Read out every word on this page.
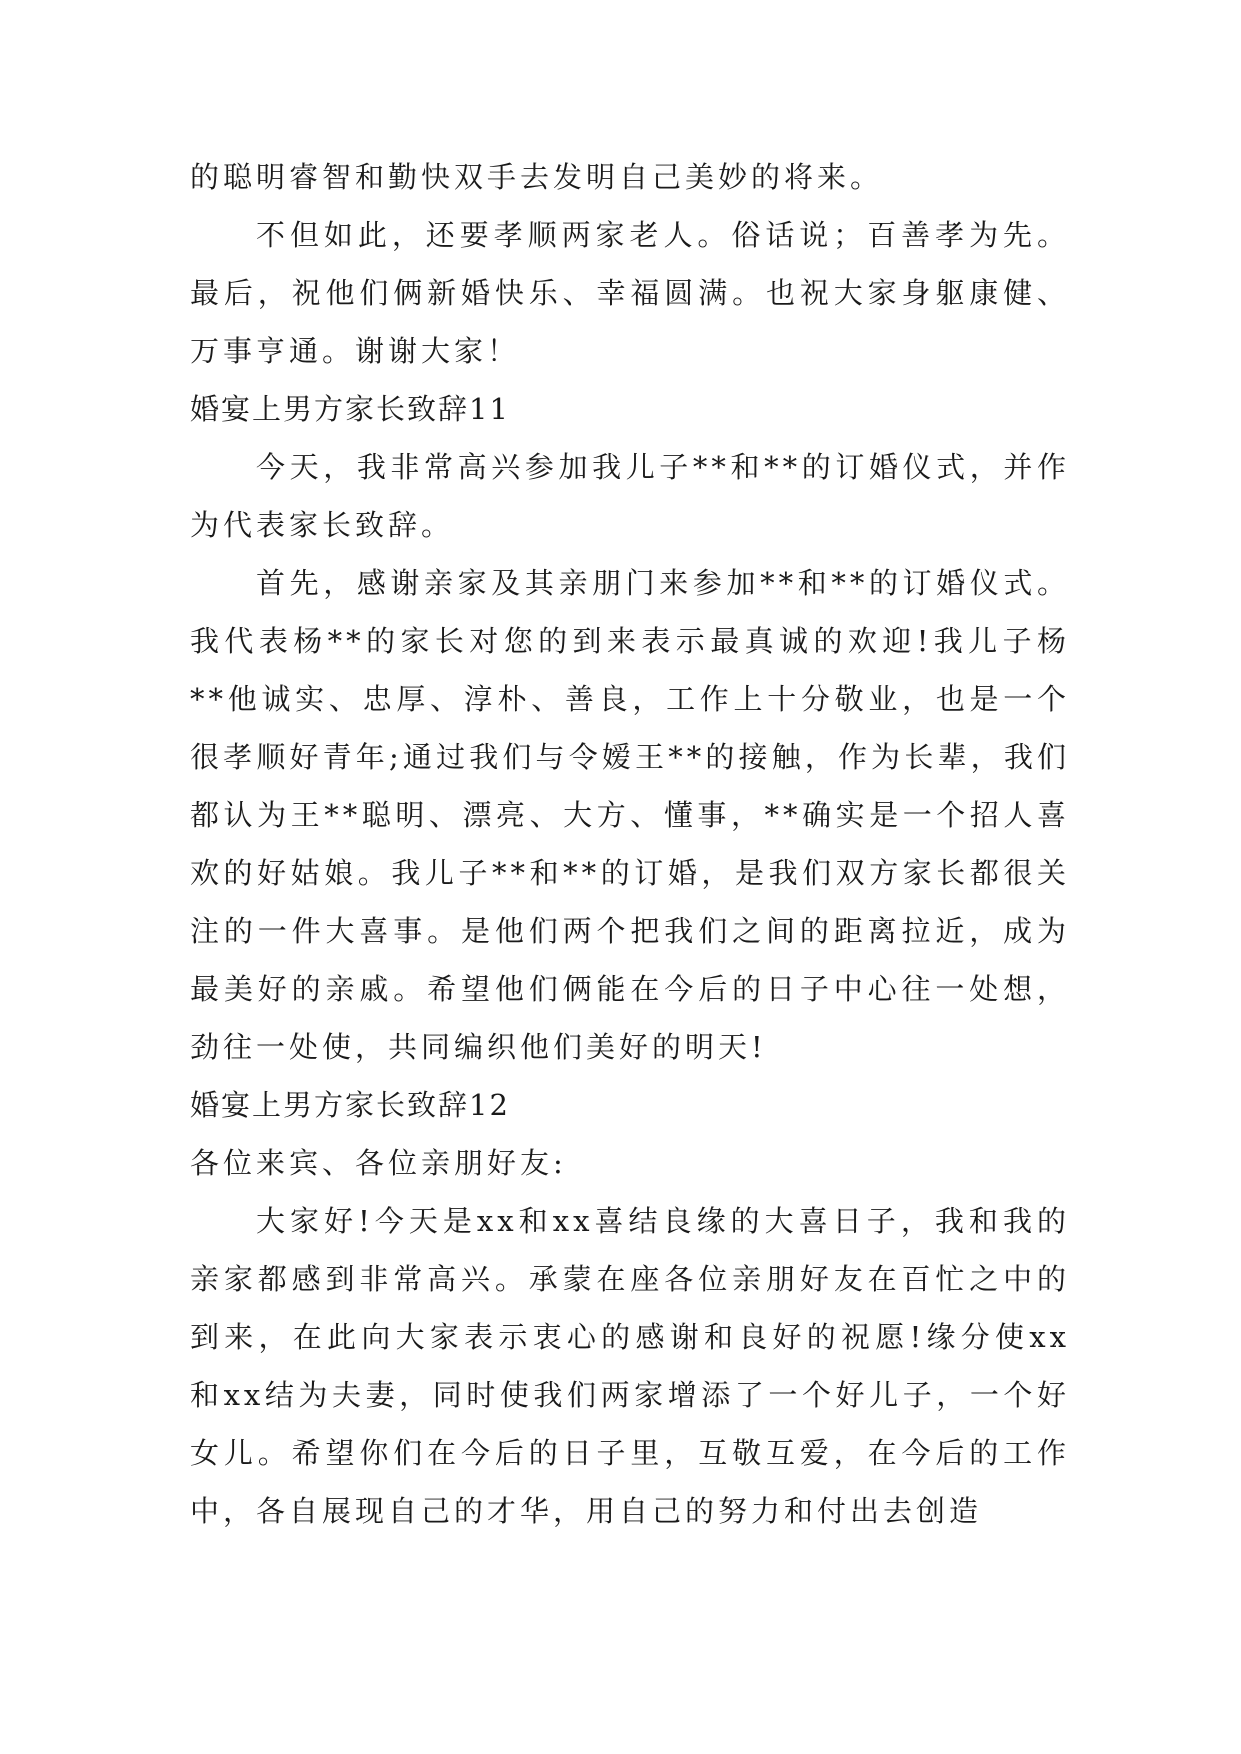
的聪明睿智和勤快双手去发明自己美妙的将来。

不但如此，还要孝顺两家老人。俗话说；百善孝为先。最后，祝他们俩新婚快乐、幸福圆满。也祝大家身躯康健、万事亨通。谢谢大家！

婚宴上男方家长致辞11

今天，我非常高兴参加我儿子**和**的订婚仪式，并作为代表家长致辞。

首先，感谢亲家及其亲朋门来参加**和**的订婚仪式。我代表杨**的家长对您的到来表示最真诚的欢迎!我儿子杨**他诚实、忠厚、淳朴、善良，工作上十分敬业，也是一个很孝顺好青年;通过我们与令嫒王**的接触，作为长辈，我们都认为王**聪明、漂亮、大方、懂事，**确实是一个招人喜欢的好姑娘。我儿子**和**的订婚，是我们双方家长都很关注的一件大喜事。是他们两个把我们之间的距离拉近，成为最美好的亲戚。希望他们俩能在今后的日子中心往一处想，劲往一处使，共同编织他们美好的明天!

婚宴上男方家长致辞12

各位来宾、各位亲朋好友:

大家好!今天是xx和xx喜结良缘的大喜日子，我和我的亲家都感到非常高兴。承蒙在座各位亲朋好友在百忙之中的到来，在此向大家表示衷心的感谢和良好的祝愿!缘分使xx和xx结为夫妻，同时使我们两家增添了一个好儿子，一个好女儿。希望你们在今后的日子里，互敬互爱，在今后的工作中，各自展现自己的才华，用自己的努力和付出去创造
